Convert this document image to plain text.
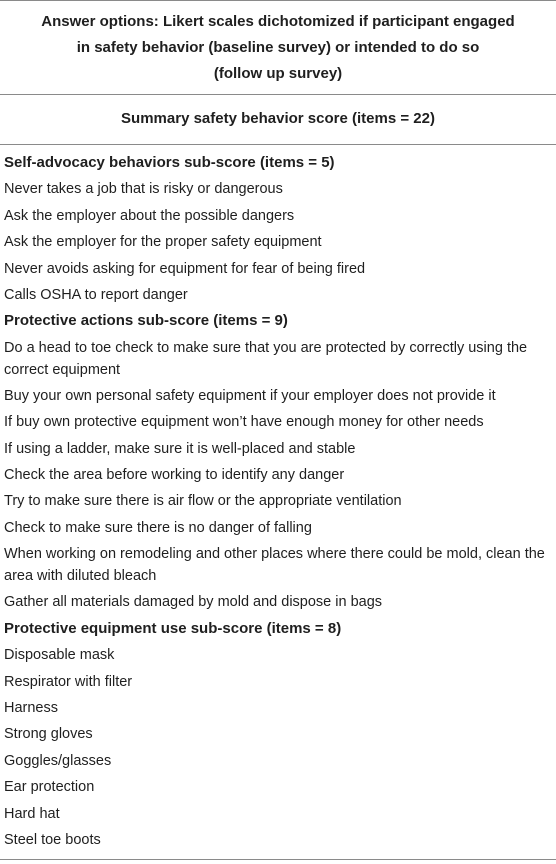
Answer options: Likert scales dichotomized if participant engaged
in safety behavior (baseline survey) or intended to do so
(follow up survey)
Summary safety behavior score (items = 22)
Self-advocacy behaviors sub-score (items = 5)
Never takes a job that is risky or dangerous
Ask the employer about the possible dangers
Ask the employer for the proper safety equipment
Never avoids asking for equipment for fear of being fired
Calls OSHA to report danger
Protective actions sub-score (items = 9)
Do a head to toe check to make sure that you are protected by correctly using the correct equipment
Buy your own personal safety equipment if your employer does not provide it
If buy own protective equipment won’t have enough money for other needs
If using a ladder, make sure it is well-placed and stable
Check the area before working to identify any danger
Try to make sure there is air flow or the appropriate ventilation
Check to make sure there is no danger of falling
When working on remodeling and other places where there could be mold, clean the area with diluted bleach
Gather all materials damaged by mold and dispose in bags
Protective equipment use sub-score (items = 8)
Disposable mask
Respirator with filter
Harness
Strong gloves
Goggles/glasses
Ear protection
Hard hat
Steel toe boots
